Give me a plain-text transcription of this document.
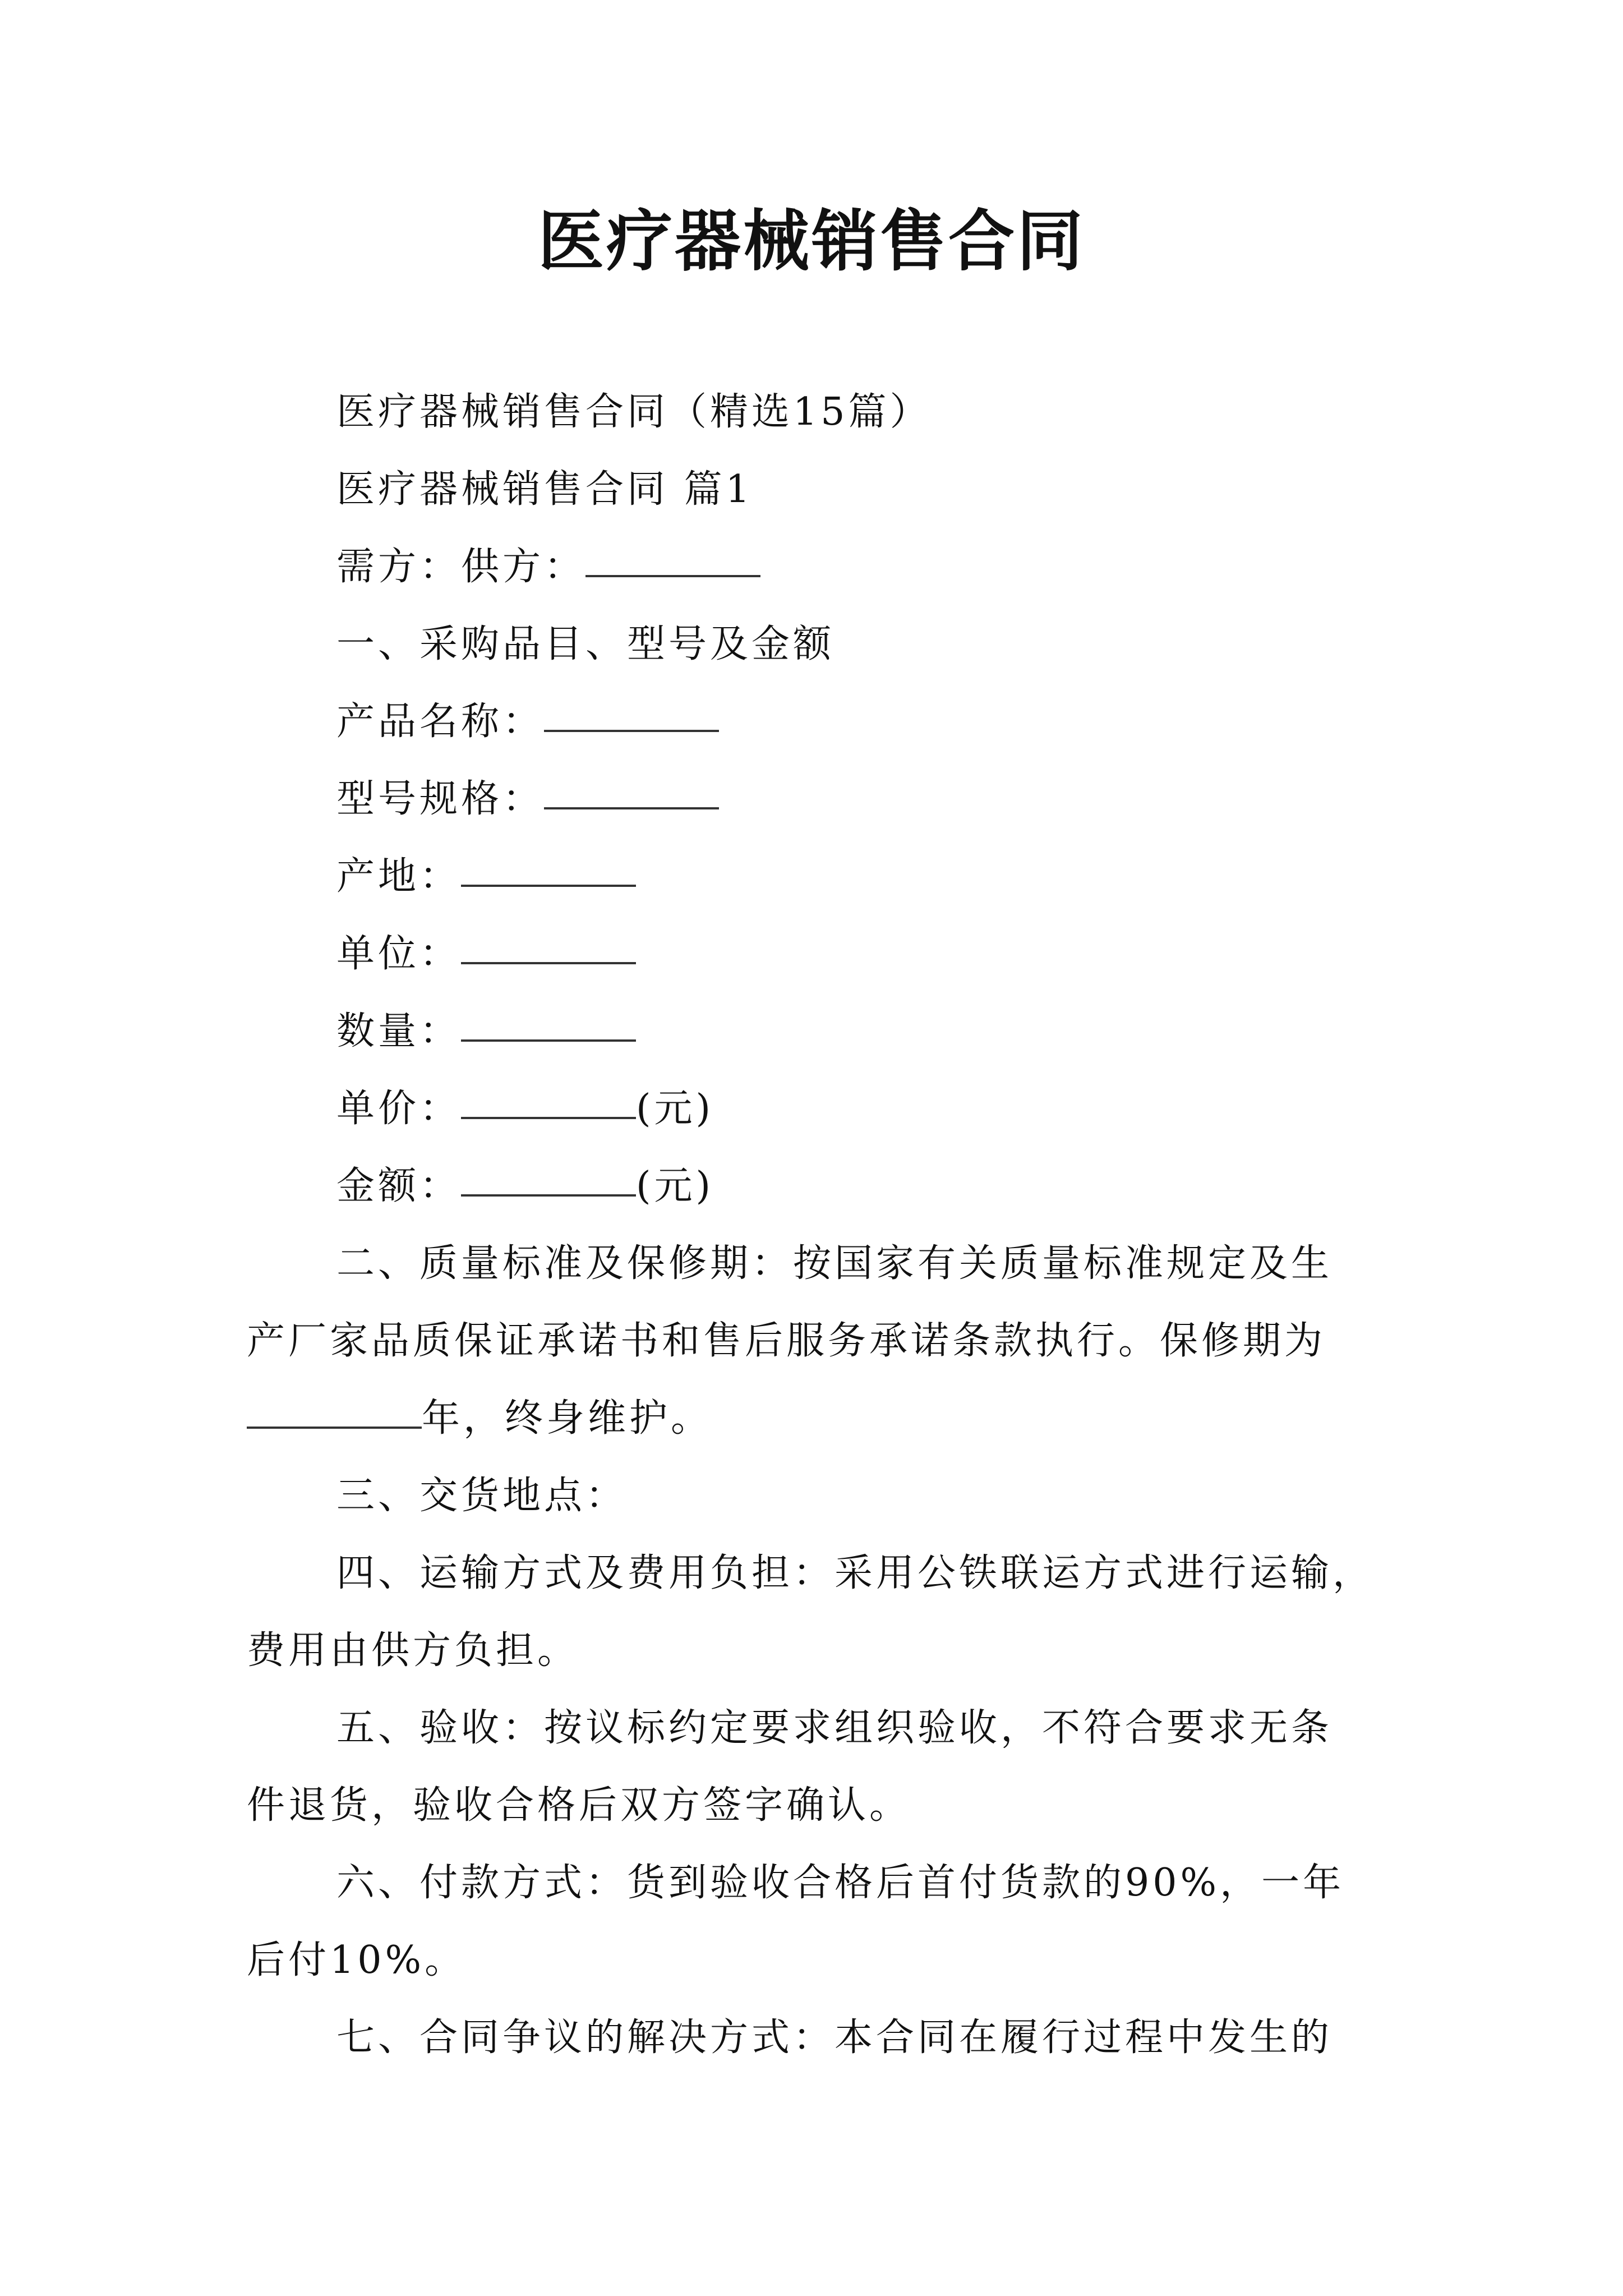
医疗器械销售合同
医疗器械销售合同（精选15篇）
医疗器械销售合同 篇1
需方：供方：
一、采购品目、型号及金额
产品名称：
型号规格：
产地：
单位：
数量：
单价：	(元)
金额：	(元)
二、质量标准及保修期：按国家有关质量标准规定及生
产厂家品质保证承诺书和售后服务承诺条款执行。保修期为
年，终身维护。
三、交货地点：
四、运输方式及费用负担：采用公铁联运方式进行运输，
费用由供方负担。
五、验收：按议标约定要求组织验收，不符合要求无条
件退货，验收合格后双方签字确认。
六、付款方式：货到验收合格后首付货款的90%，一年
后付10%。
七、合同争议的解决方式：本合同在履行过程中发生的
